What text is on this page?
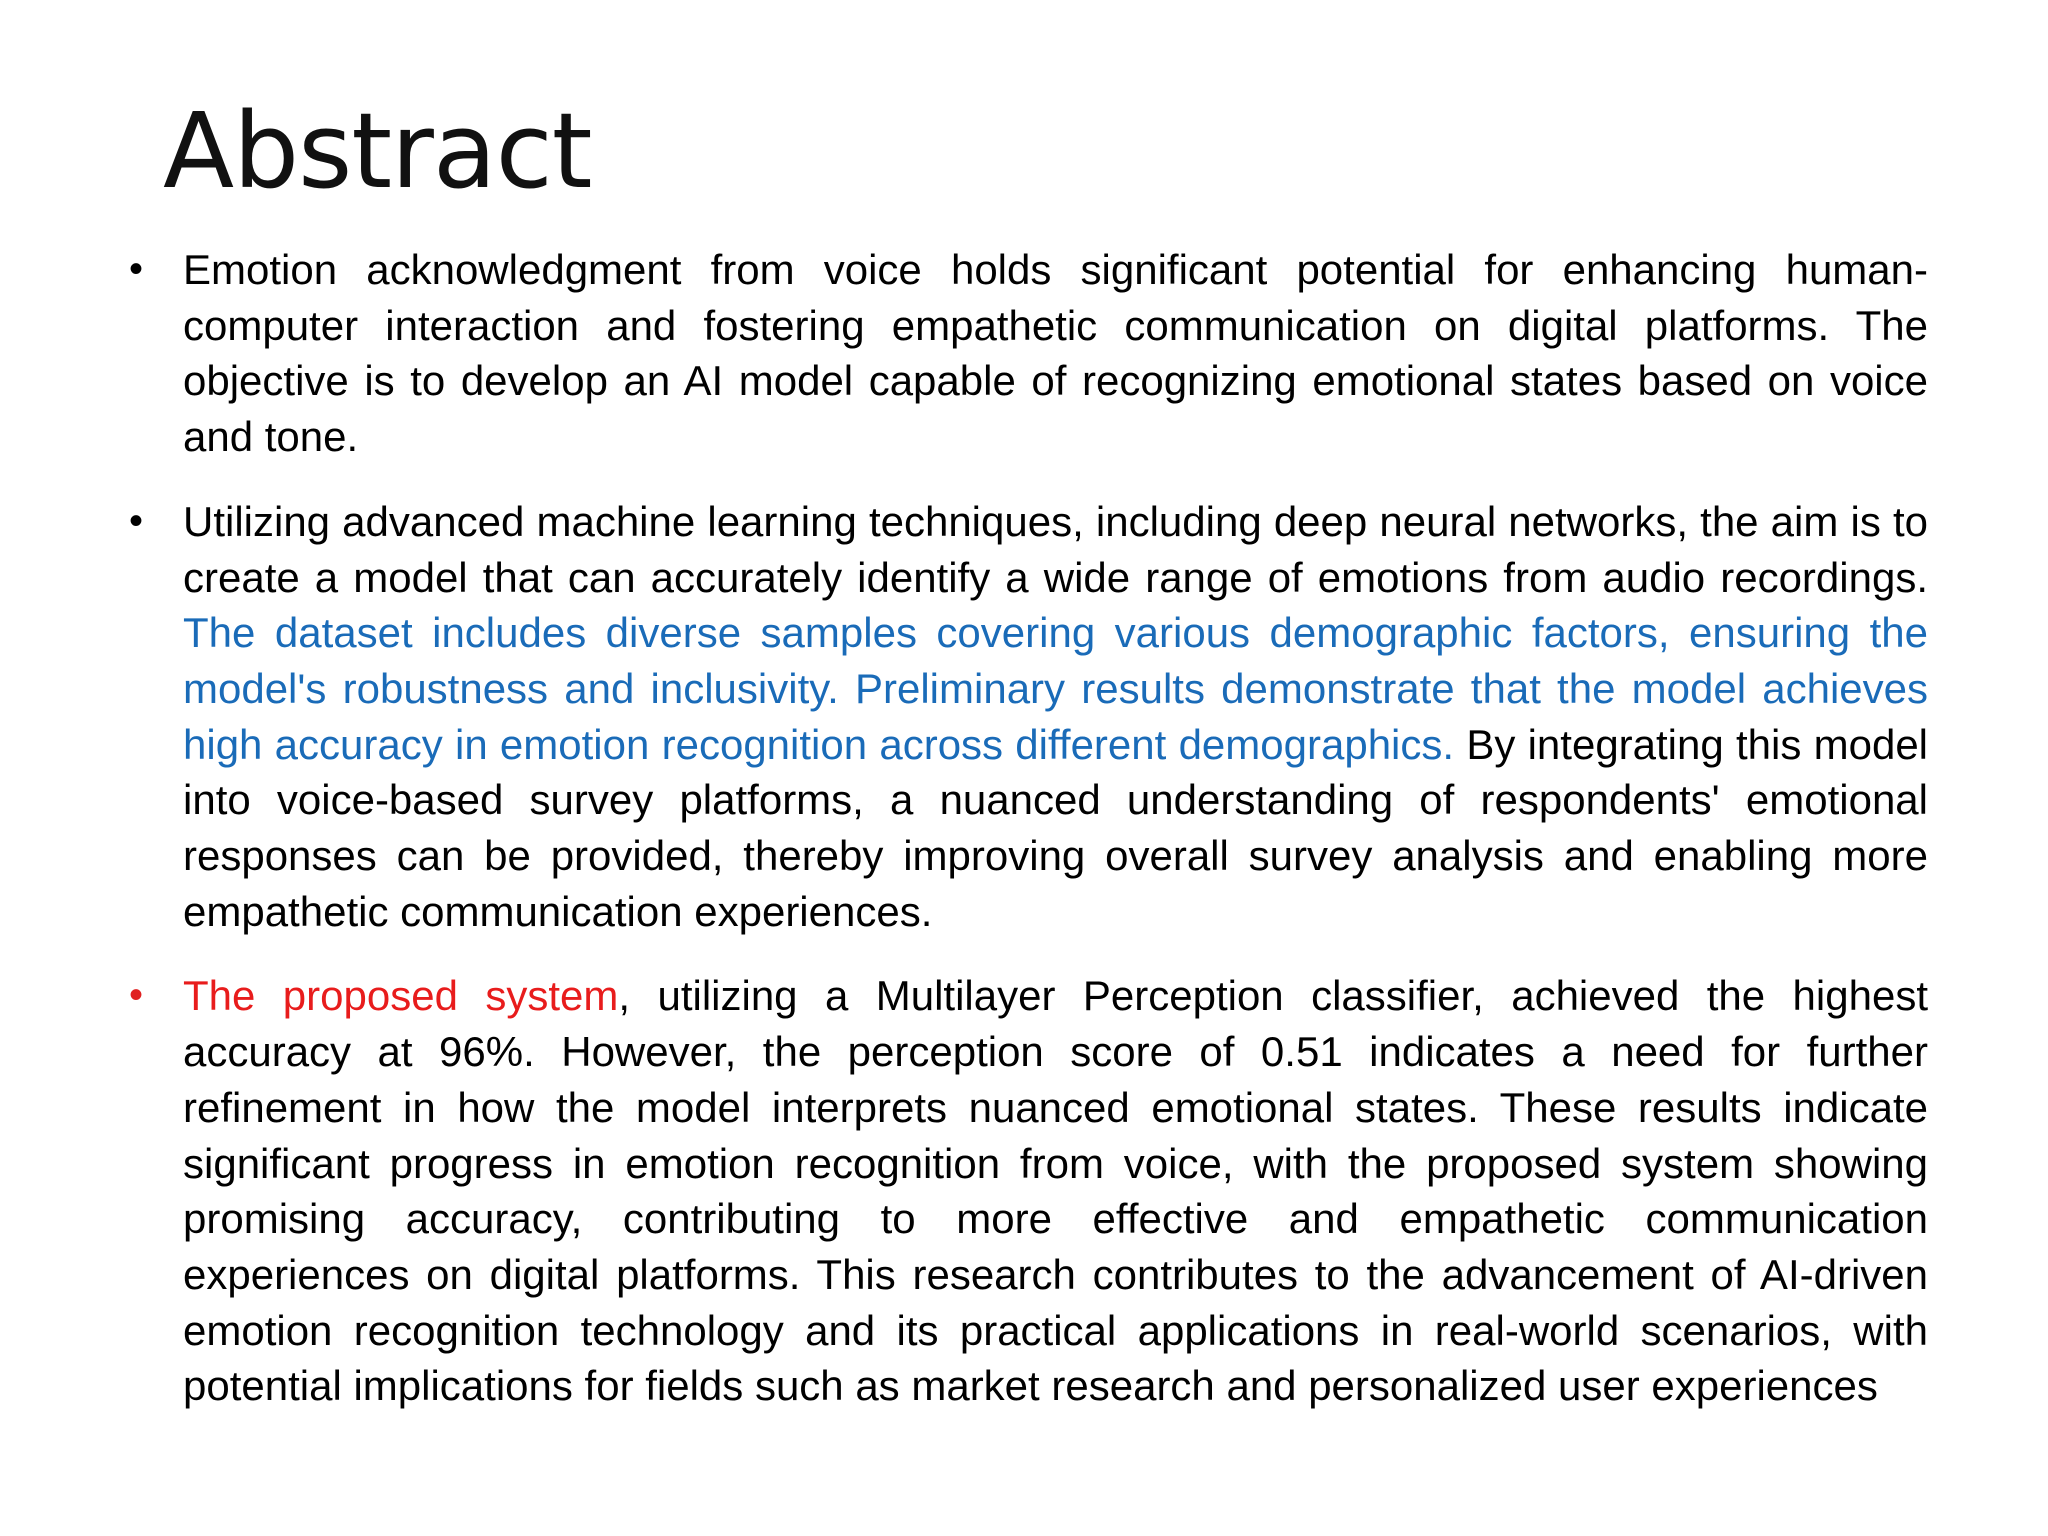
Abstract
• Emotion acknowledgment from voice holds significant potential for enhancing human-computer interaction and fostering empathetic communication on digital platforms. The objective is to develop an AI model capable of recognizing emotional states based on voice and tone.
• Utilizing advanced machine learning techniques, including deep neural networks, the aim is to create a model that can accurately identify a wide range of emotions from audio recordings. The dataset includes diverse samples covering various demographic factors, ensuring the model's robustness and inclusivity. Preliminary results demonstrate that the model achieves high accuracy in emotion recognition across different demographics. By integrating this model into voice-based survey platforms, a nuanced understanding of respondents' emotional responses can be provided, thereby improving overall survey analysis and enabling more empathetic communication experiences.
• The proposed system, utilizing a Multilayer Perception classifier, achieved the highest accuracy at 96%. However, the perception score of 0.51 indicates a need for further refinement in how the model interprets nuanced emotional states. These results indicate significant progress in emotion recognition from voice, with the proposed system showing promising accuracy, contributing to more effective and empathetic communication experiences on digital platforms. This research contributes to the advancement of AI-driven emotion recognition technology and its practical applications in real-world scenarios, with potential implications for fields such as market research and personalized user experiences
